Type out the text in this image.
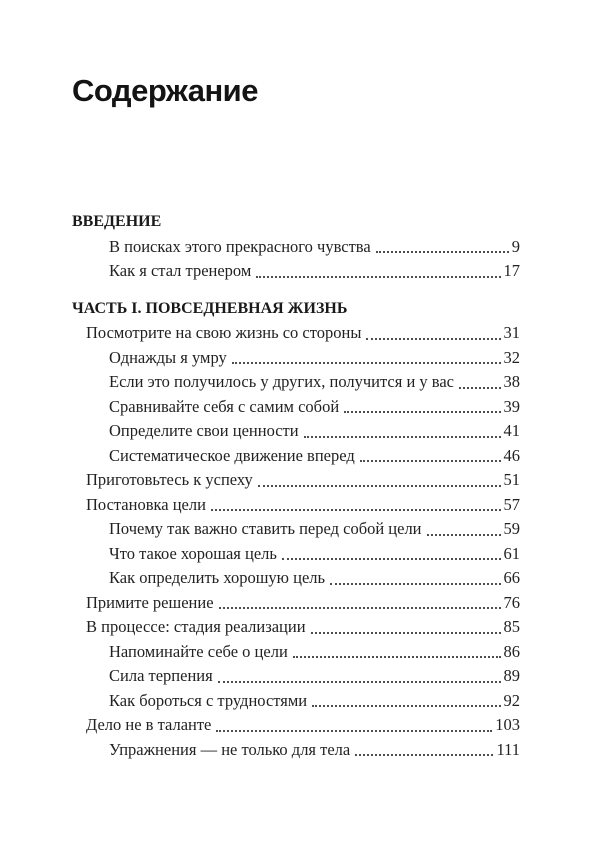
Содержание
ВВЕДЕНИЕ
В поисках этого прекрасного чувства	9
Как я стал тренером	17
ЧАСТЬ I. ПОВСЕДНЕВНАЯ ЖИЗНЬ
Посмотрите на свою жизнь со стороны	31
Однажды я умру	32
Если это получилось у других, получится и у вас	38
Сравнивайте себя с самим собой	39
Определите свои ценности	41
Систематическое движение вперед	46
Приготовьтесь к успеху	51
Постановка цели	57
Почему так важно ставить перед собой цели	59
Что такое хорошая цель	61
Как определить хорошую цель	66
Примите решение	76
В процессе: стадия реализации	85
Напоминайте себе о цели	86
Сила терпения	89
Как бороться с трудностями	92
Дело не в таланте	103
Упражнения — не только для тела	111
